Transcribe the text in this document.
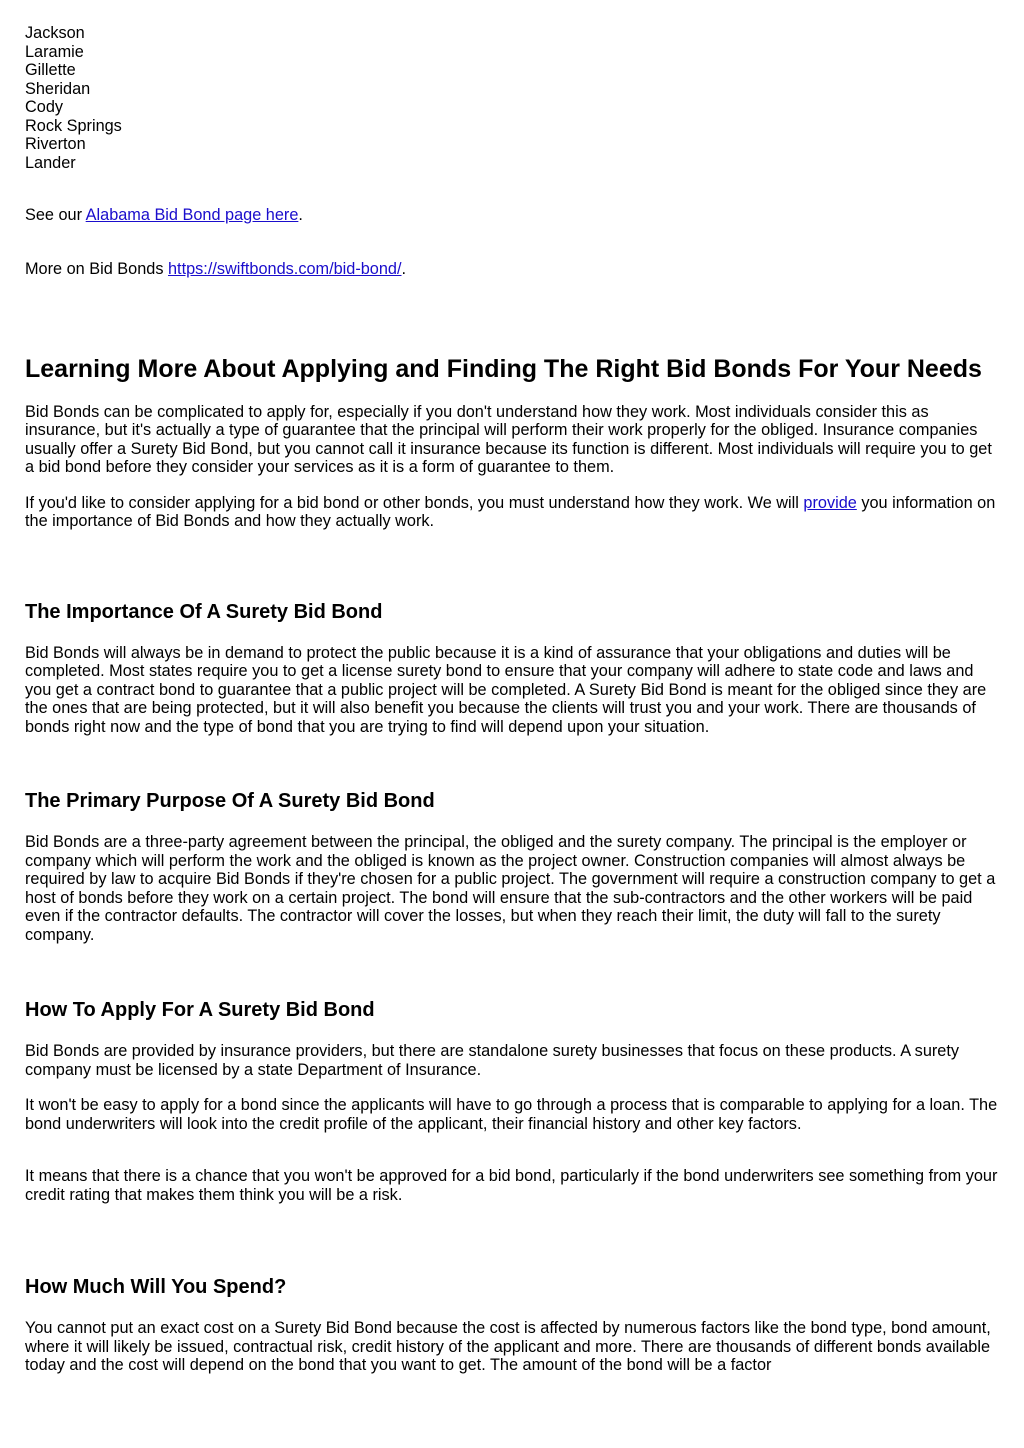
Jackson
Laramie
Gillette
Sheridan
Cody
Rock Springs
Riverton
Lander

See our Alabama Bid Bond page here.

More on Bid Bonds https://swiftbonds.com/bid-bond/.

Learning More About Applying and Finding The Right Bid Bonds For Your Needs

Bid Bonds can be complicated to apply for, especially if you don't understand how they work. Most individuals consider this as insurance, but it's actually a type of guarantee that the principal will perform their work properly for the obliged. Insurance companies usually offer a Surety Bid Bond, but you cannot call it insurance because its function is different. Most individuals will require you to get a bid bond before they consider your services as it is a form of guarantee to them.

If you'd like to consider applying for a bid bond or other bonds, you must understand how they work. We will provide you information on the importance of Bid Bonds and how they actually work.

The Importance Of A Surety Bid Bond

Bid Bonds will always be in demand to protect the public because it is a kind of assurance that your obligations and duties will be completed. Most states require you to get a license surety bond to ensure that your company will adhere to state code and laws and you get a contract bond to guarantee that a public project will be completed. A Surety Bid Bond is meant for the obliged since they are the ones that are being protected, but it will also benefit you because the clients will trust you and your work. There are thousands of bonds right now and the type of bond that you are trying to find will depend upon your situation.

The Primary Purpose Of A Surety Bid Bond

Bid Bonds are a three-party agreement between the principal, the obliged and the surety company. The principal is the employer or company which will perform the work and the obliged is known as the project owner. Construction companies will almost always be required by law to acquire Bid Bonds if they're chosen for a public project. The government will require a construction company to get a host of bonds before they work on a certain project. The bond will ensure that the sub-contractors and the other workers will be paid even if the contractor defaults. The contractor will cover the losses, but when they reach their limit, the duty will fall to the surety company.

How To Apply For A Surety Bid Bond

Bid Bonds are provided by insurance providers, but there are standalone surety businesses that focus on these products. A surety company must be licensed by a state Department of Insurance.

It won't be easy to apply for a bond since the applicants will have to go through a process that is comparable to applying for a loan. The bond underwriters will look into the credit profile of the applicant, their financial history and other key factors.

It means that there is a chance that you won't be approved for a bid bond, particularly if the bond underwriters see something from your credit rating that makes them think you will be a risk.

How Much Will You Spend?

You cannot put an exact cost on a Surety Bid Bond because the cost is affected by numerous factors like the bond type, bond amount, where it will likely be issued, contractual risk, credit history of the applicant and more. There are thousands of different bonds available today and the cost will depend on the bond that you want to get. The amount of the bond will be a factor
